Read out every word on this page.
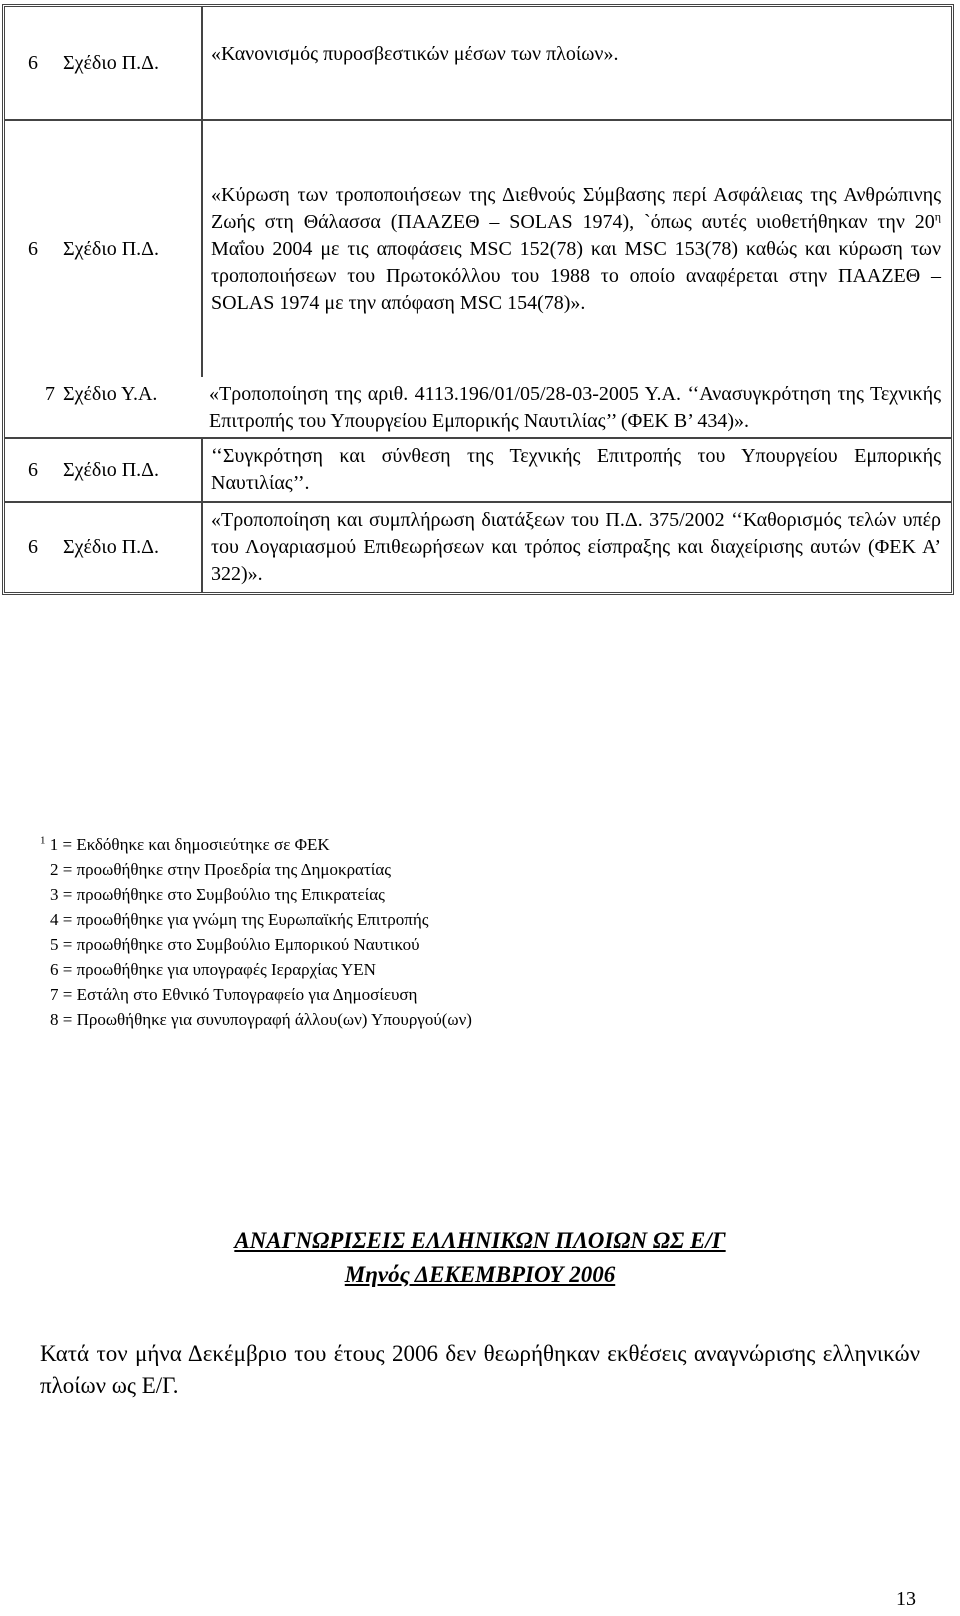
6	Σχέδιο Π.Δ.	«Κανονισμός πυροσβεστικών μέσων των πλοίων».
6	Σχέδιο Π.Δ.	«Κύρωση των τροποποιήσεων της Διεθνούς Σύμβασης περί Ασφάλειας της Ανθρώπινης Ζωής στη Θάλασσα (ΠΑΑΖΕΘ – SOLAS 1974), `όπως αυτές υιοθετήθηκαν την $20^\eta$ Μαΐου 2004 με τις αποφάσεις MSC 152(78) και MSC 153(78) καθώς και κύρωση των τροποποιήσεων του Πρωτοκόλλου του 1988 το οποίο αναφέρεται στην ΠΑΑΖΕΘ – SOLAS 1974 με την απόφαση MSC 154(78)».
7	Σχέδιο Υ.Α.	«Τροποποίηση της αριθ. 4113.196/01/05/28-03-2005 Υ.Α. ‘‘Ανασυγκρότηση της Τεχνικής Επιτροπής του Υπουργείου Εμπορικής Ναυτιλίας’’ (ΦΕΚ Β’ 434)».
6	Σχέδιο Π.Δ.	‘‘Συγκρότηση και σύνθεση της Τεχνικής Επιτροπής του Υπουργείου Εμπορικής Ναυτιλίας’’.
6	Σχέδιο Π.Δ.	«Τροποποίηση και συμπλήρωση διατάξεων του Π.Δ. 375/2002 ‘‘Καθορισμός τελών υπέρ του Λογαριασμού Επιθεωρήσεων και τρόπος είσπραξης και διαχείρισης αυτών (ΦΕΚ Α’ 322)».
$^1$ 1 = Εκδόθηκε και δημοσιεύτηκε σε ΦΕΚ
2 = προωθήθηκε στην Προεδρία της Δημοκρατίας
3 = προωθήθηκε στο Συμβούλιο της Επικρατείας
4 = προωθήθηκε για γνώμη της Ευρωπαϊκής Επιτροπής
5 = προωθήθηκε στο Συμβούλιο Εμπορικού Ναυτικού
6 = προωθήθηκε για υπογραφές Ιεραρχίας ΥΕΝ
7 = Εστάλη στο Εθνικό Τυπογραφείο για Δημοσίευση
8 = Προωθήθηκε για συνυπογραφή άλλου(ων) Υπουργού(ων)
ΑΝΑΓΝΩΡΙΣΕΙΣ ΕΛΛΗΝΙΚΩΝ ΠΛΟΙΩΝ ΩΣ Ε/Γ
Μηνός ΔΕΚΕΜΒΡΙΟΥ 2006
Κατά τον μήνα Δεκέμβριο του έτους 2006 δεν θεωρήθηκαν εκθέσεις αναγνώρισης ελληνικών πλοίων ως Ε/Γ.
13
